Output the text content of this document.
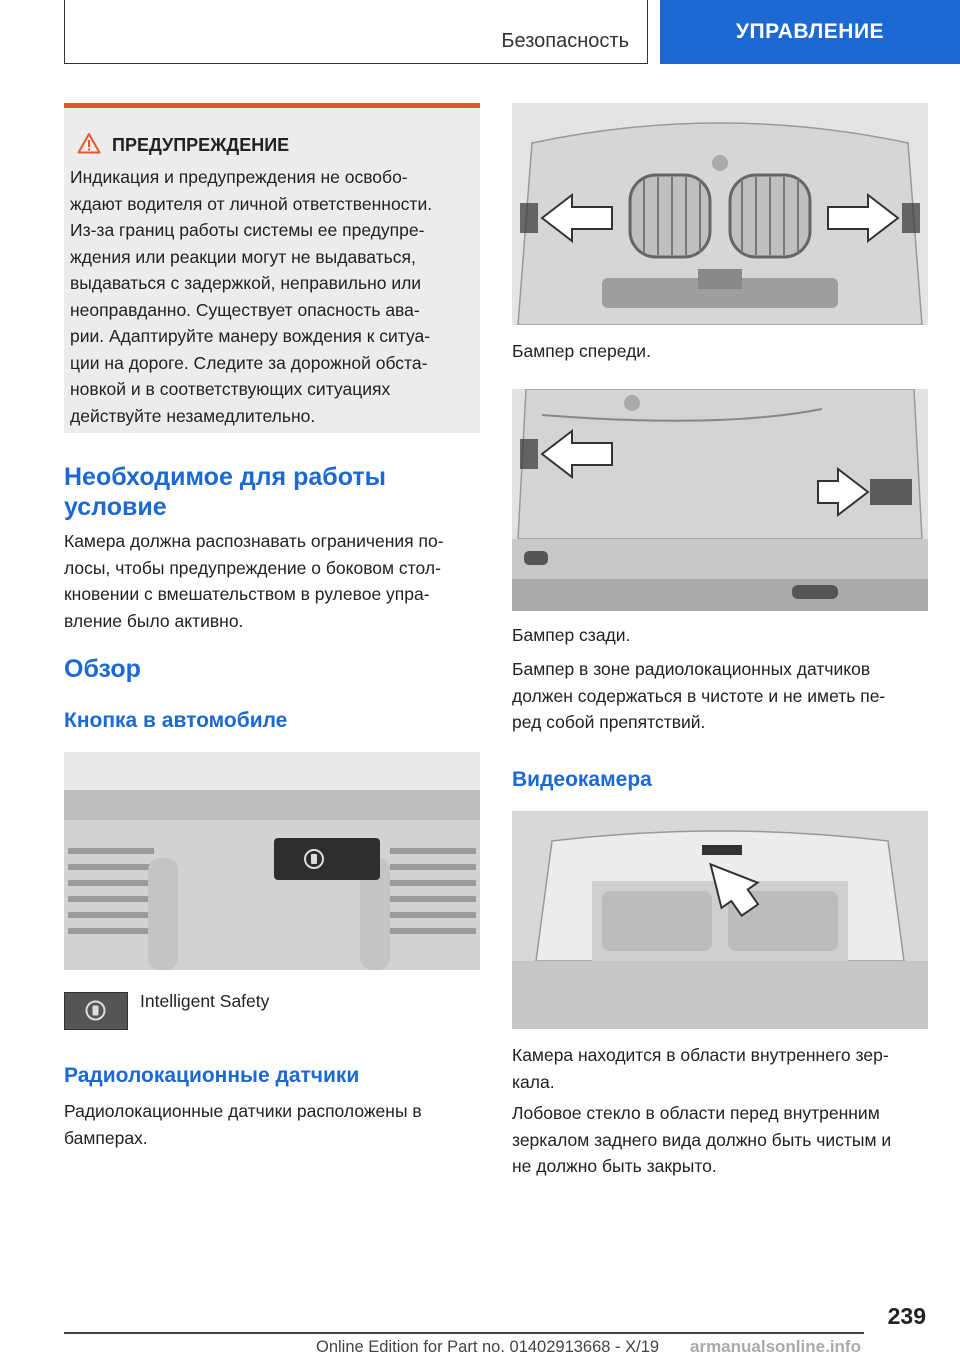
Безопасность	УПРАВЛЕНИЕ
ПРЕДУПРЕЖДЕНИЕ
Индикация и предупреждения не освобо-
ждают водителя от личной ответственности.
Из-за границ работы системы ее предупре-
ждения или реакции могут не выдаваться,
выдаваться с задержкой, неправильно или
неоправданно. Существует опасность ава-
рии. Адаптируйте манеру вождения к ситуа-
ции на дороге. Следите за дорожной обста-
новкой и в соответствующих ситуациях
действуйте незамедлительно.
Необходимое для работы
условие
Камера должна распознавать ограничения по-
лосы, чтобы предупреждение о боковом стол-
кновении с вмешательством в рулевое упра-
вление было активно.
Обзор
Кнопка в автомобиле
Intelligent Safety
Радиолокационные датчики
Радиолокационные датчики расположены в
бамперах.
Бампер спереди.
Бампер сзади.
Бампер в зоне радиолокационных датчиков
должен содержаться в чистоте и не иметь пе-
ред собой препятствий.
Видеокамера
Камера находится в области внутреннего зер-
кала.
Лобовое стекло в области перед внутренним
зеркалом заднего вида должно быть чистым и
не должно быть закрыто.
239
Online Edition for Part no. 01402913668 - X/19 armanualsonline.info
